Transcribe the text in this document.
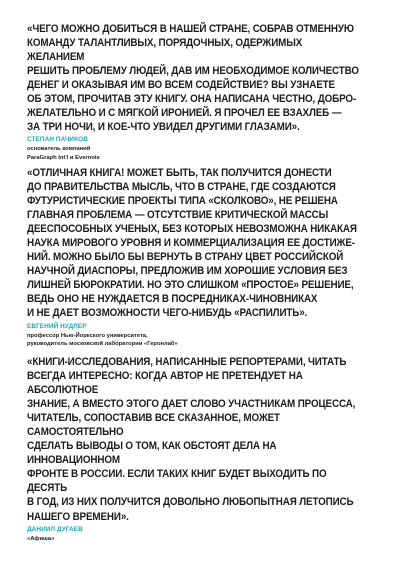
«ЧЕГО МОЖНО ДОБИТЬСЯ В НАШЕЙ СТРАНЕ, СОБРАВ ОТМЕННУЮ
КОМАНДУ ТАЛАНТЛИВЫХ, ПОРЯДОЧНЫХ, ОДЕРЖИМЫХ ЖЕЛАНИЕМ
РЕШИТЬ ПРОБЛЕМУ ЛЮДЕЙ, ДАВ ИМ НЕОБХОДИМОЕ КОЛИЧЕСТВО
ДЕНЕГ И ОКАЗЫВАЯ ИМ ВО ВСЕМ СОДЕЙСТВИЕ? ВЫ УЗНАЕТЕ
ОБ ЭТОМ, ПРОЧИТАВ ЭТУ КНИГУ. ОНА НАПИСАНА ЧЕСТНО, ДОБРО-
ЖЕЛАТЕЛЬНО И С МЯГКОЙ ИРОНИЕЙ. Я ПРОЧЕЛ ЕЕ ВЗАХЛЕБ —
ЗА ТРИ НОЧИ, И КОЕ-ЧТО УВИДЕЛ ДРУГИМИ ГЛАЗАМИ».

СТЕПАН ПАЧИКОВ
основатель компаний
ParaGraph Int'l и Evernote

«ОТЛИЧНАЯ КНИГА! МОЖЕТ БЫТЬ, ТАК ПОЛУЧИТСЯ ДОНЕСТИ
ДО ПРАВИТЕЛЬСТВА МЫСЛЬ, ЧТО В СТРАНЕ, ГДЕ СОЗДАЮТСЯ
ФУТУРИСТИЧЕСКИЕ ПРОЕКТЫ ТИПА «СКОЛКОВО», НЕ РЕШЕНА
ГЛАВНАЯ ПРОБЛЕМА — ОТСУТСТВИЕ КРИТИЧЕСКОЙ МАССЫ
ДЕЕСПОСОБНЫХ УЧЕНЫХ, БЕЗ КОТОРЫХ НЕВОЗМОЖНА НИКАКАЯ
НАУКА МИРОВОГО УРОВНЯ И КОММЕРЦИАЛИЗАЦИЯ ЕЕ ДОСТИЖЕ-
НИЙ. МОЖНО БЫЛО БЫ ВЕРНУТЬ В СТРАНУ ЦВЕТ РОССИЙСКОЙ
НАУЧНОЙ ДИАСПОРЫ, ПРЕДЛОЖИВ ИМ ХОРОШИЕ УСЛОВИЯ БЕЗ
ЛИШНЕЙ БЮРОКРАТИИ. НО ЭТО СЛИШКОМ «ПРОСТОЕ» РЕШЕНИЕ,
ВЕДЬ ОНО НЕ НУЖДАЕТСЯ В ПОСРЕДНИКАХ-ЧИНОВНИКАХ
И НЕ ДАЕТ ВОЗМОЖНОСТИ ЧЕГО-НИБУДЬ «РАСПИЛИТЬ».

ЕВГЕНИЙ НУДЛЕР
профессор Нью-Йоркского университета,
руководитель московской лаборатории «Геронлаб»

«КНИГИ-ИССЛЕДОВАНИЯ, НАПИСАННЫЕ РЕПОРТЕРАМИ, ЧИТАТЬ
ВСЕГДА ИНТЕРЕСНО: КОГДА АВТОР НЕ ПРЕТЕНДУЕТ НА АБСОЛЮТНОЕ
ЗНАНИЕ, А ВМЕСТО ЭТОГО ДАЕТ СЛОВО УЧАСТНИКАМ ПРОЦЕССА,
ЧИТАТЕЛЬ, СОПОСТАВИВ ВСЕ СКАЗАННОЕ, МОЖЕТ САМОСТОЯТЕЛЬНО
СДЕЛАТЬ ВЫВОДЫ О ТОМ, КАК ОБСТОЯТ ДЕЛА НА ИННОВАЦИОННОМ
ФРОНТЕ В РОССИИ. ЕСЛИ ТАКИХ КНИГ БУДЕТ ВЫХОДИТЬ ПО ДЕСЯТЬ
В ГОД, ИЗ НИХ ПОЛУЧИТСЯ ДОВОЛЬНО ЛЮБОПЫТНАЯ ЛЕТОПИСЬ
НАШЕГО ВРЕМЕНИ».

ДАНИИЛ ДУГАЕВ
«Афиша»
